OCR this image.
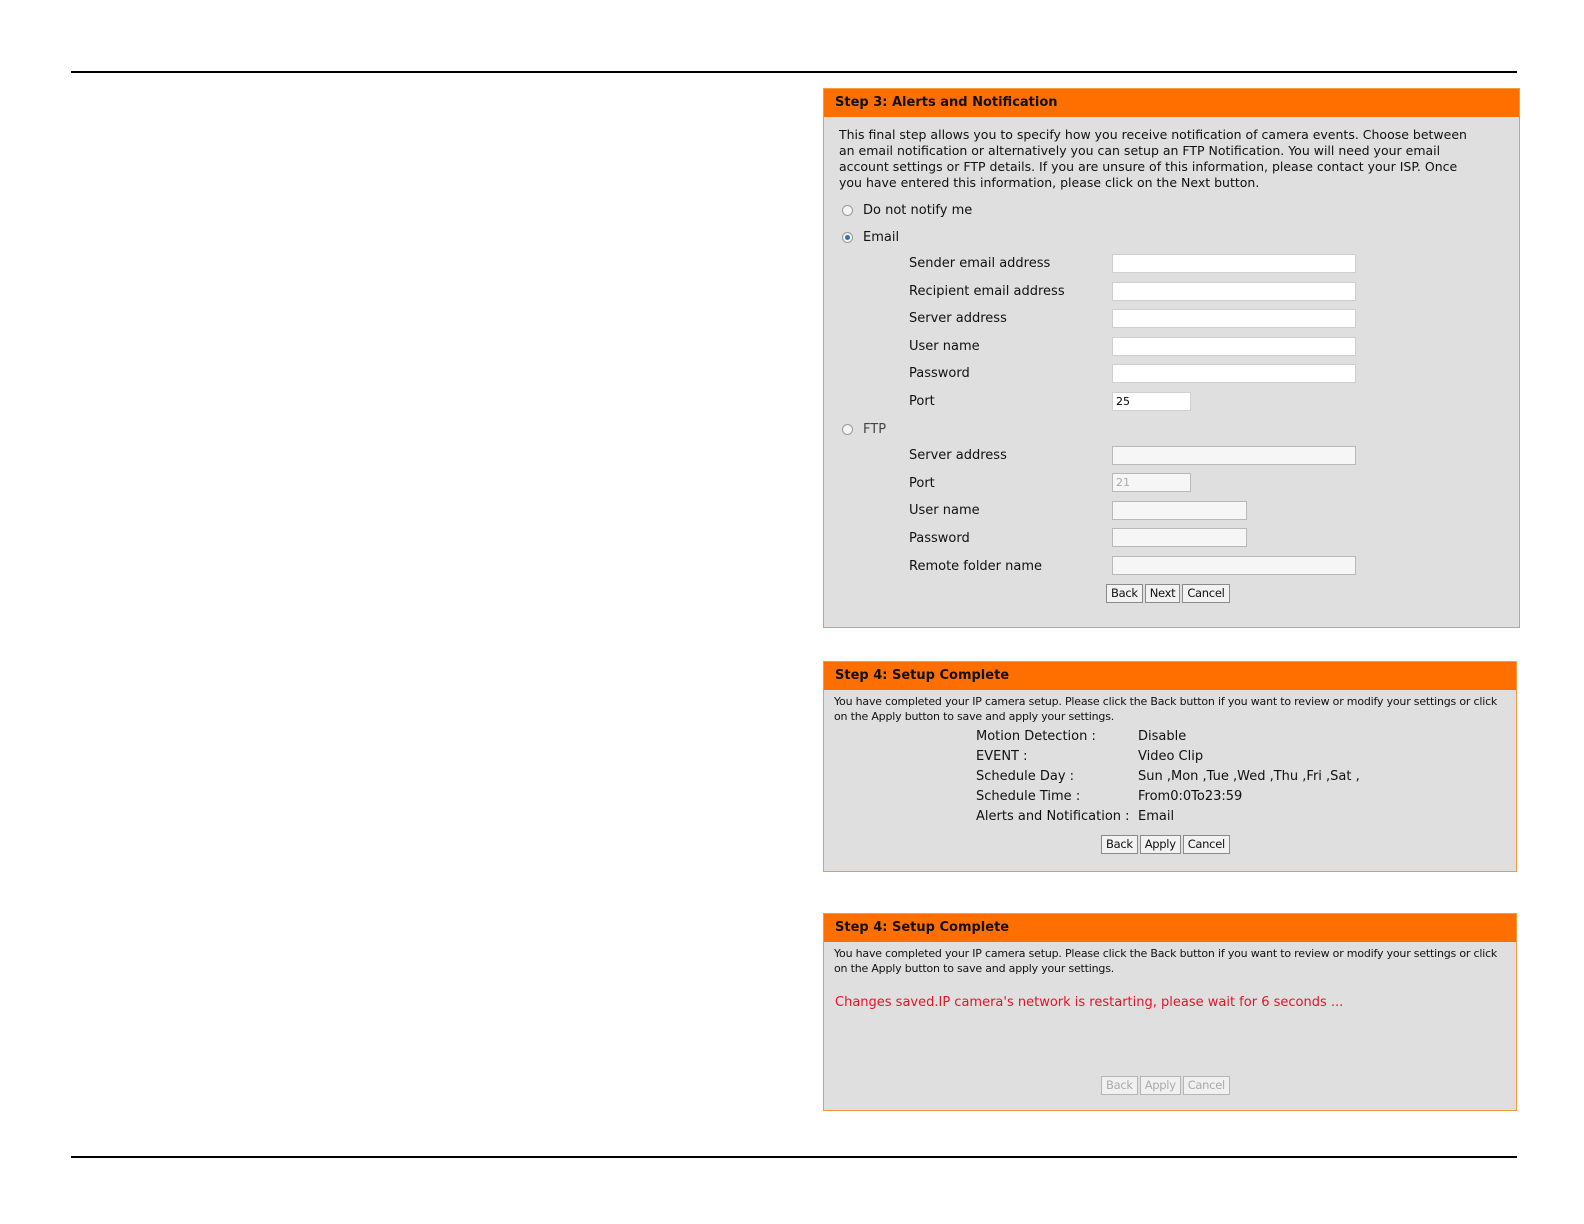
Step 3: Alerts and Notification
This final step allows you to specify how you receive notification of camera events. Choose between an email notification or alternatively you can setup an FTP Notification. You will need your email account settings or FTP details. If you are unsure of this information, please contact your ISP. Once you have entered this information, please click on the Next button.
Do not notify me
Email
Sender email address
Recipient email address
Server address
User name
Password
Port	25
FTP
Server address
Port	21
User name
Password
Remote folder name
Back	Next	Cancel
Step 4: Setup Complete
You have completed your IP camera setup. Please click the Back button if you want to review or modify your settings or click on the Apply button to save and apply your settings.
Motion Detection :	Disable
EVENT :	Video Clip
Schedule Day :	Sun ,Mon ,Tue ,Wed ,Thu ,Fri ,Sat ,
Schedule Time :	From0:0To23:59
Alerts and Notification : Email
Back	Apply	Cancel
Step 4: Setup Complete
You have completed your IP camera setup. Please click the Back button if you want to review or modify your settings or click on the Apply button to save and apply your settings.
Changes saved.IP camera's network is restarting, please wait for 6 seconds ...
Back	Apply	Cancel
